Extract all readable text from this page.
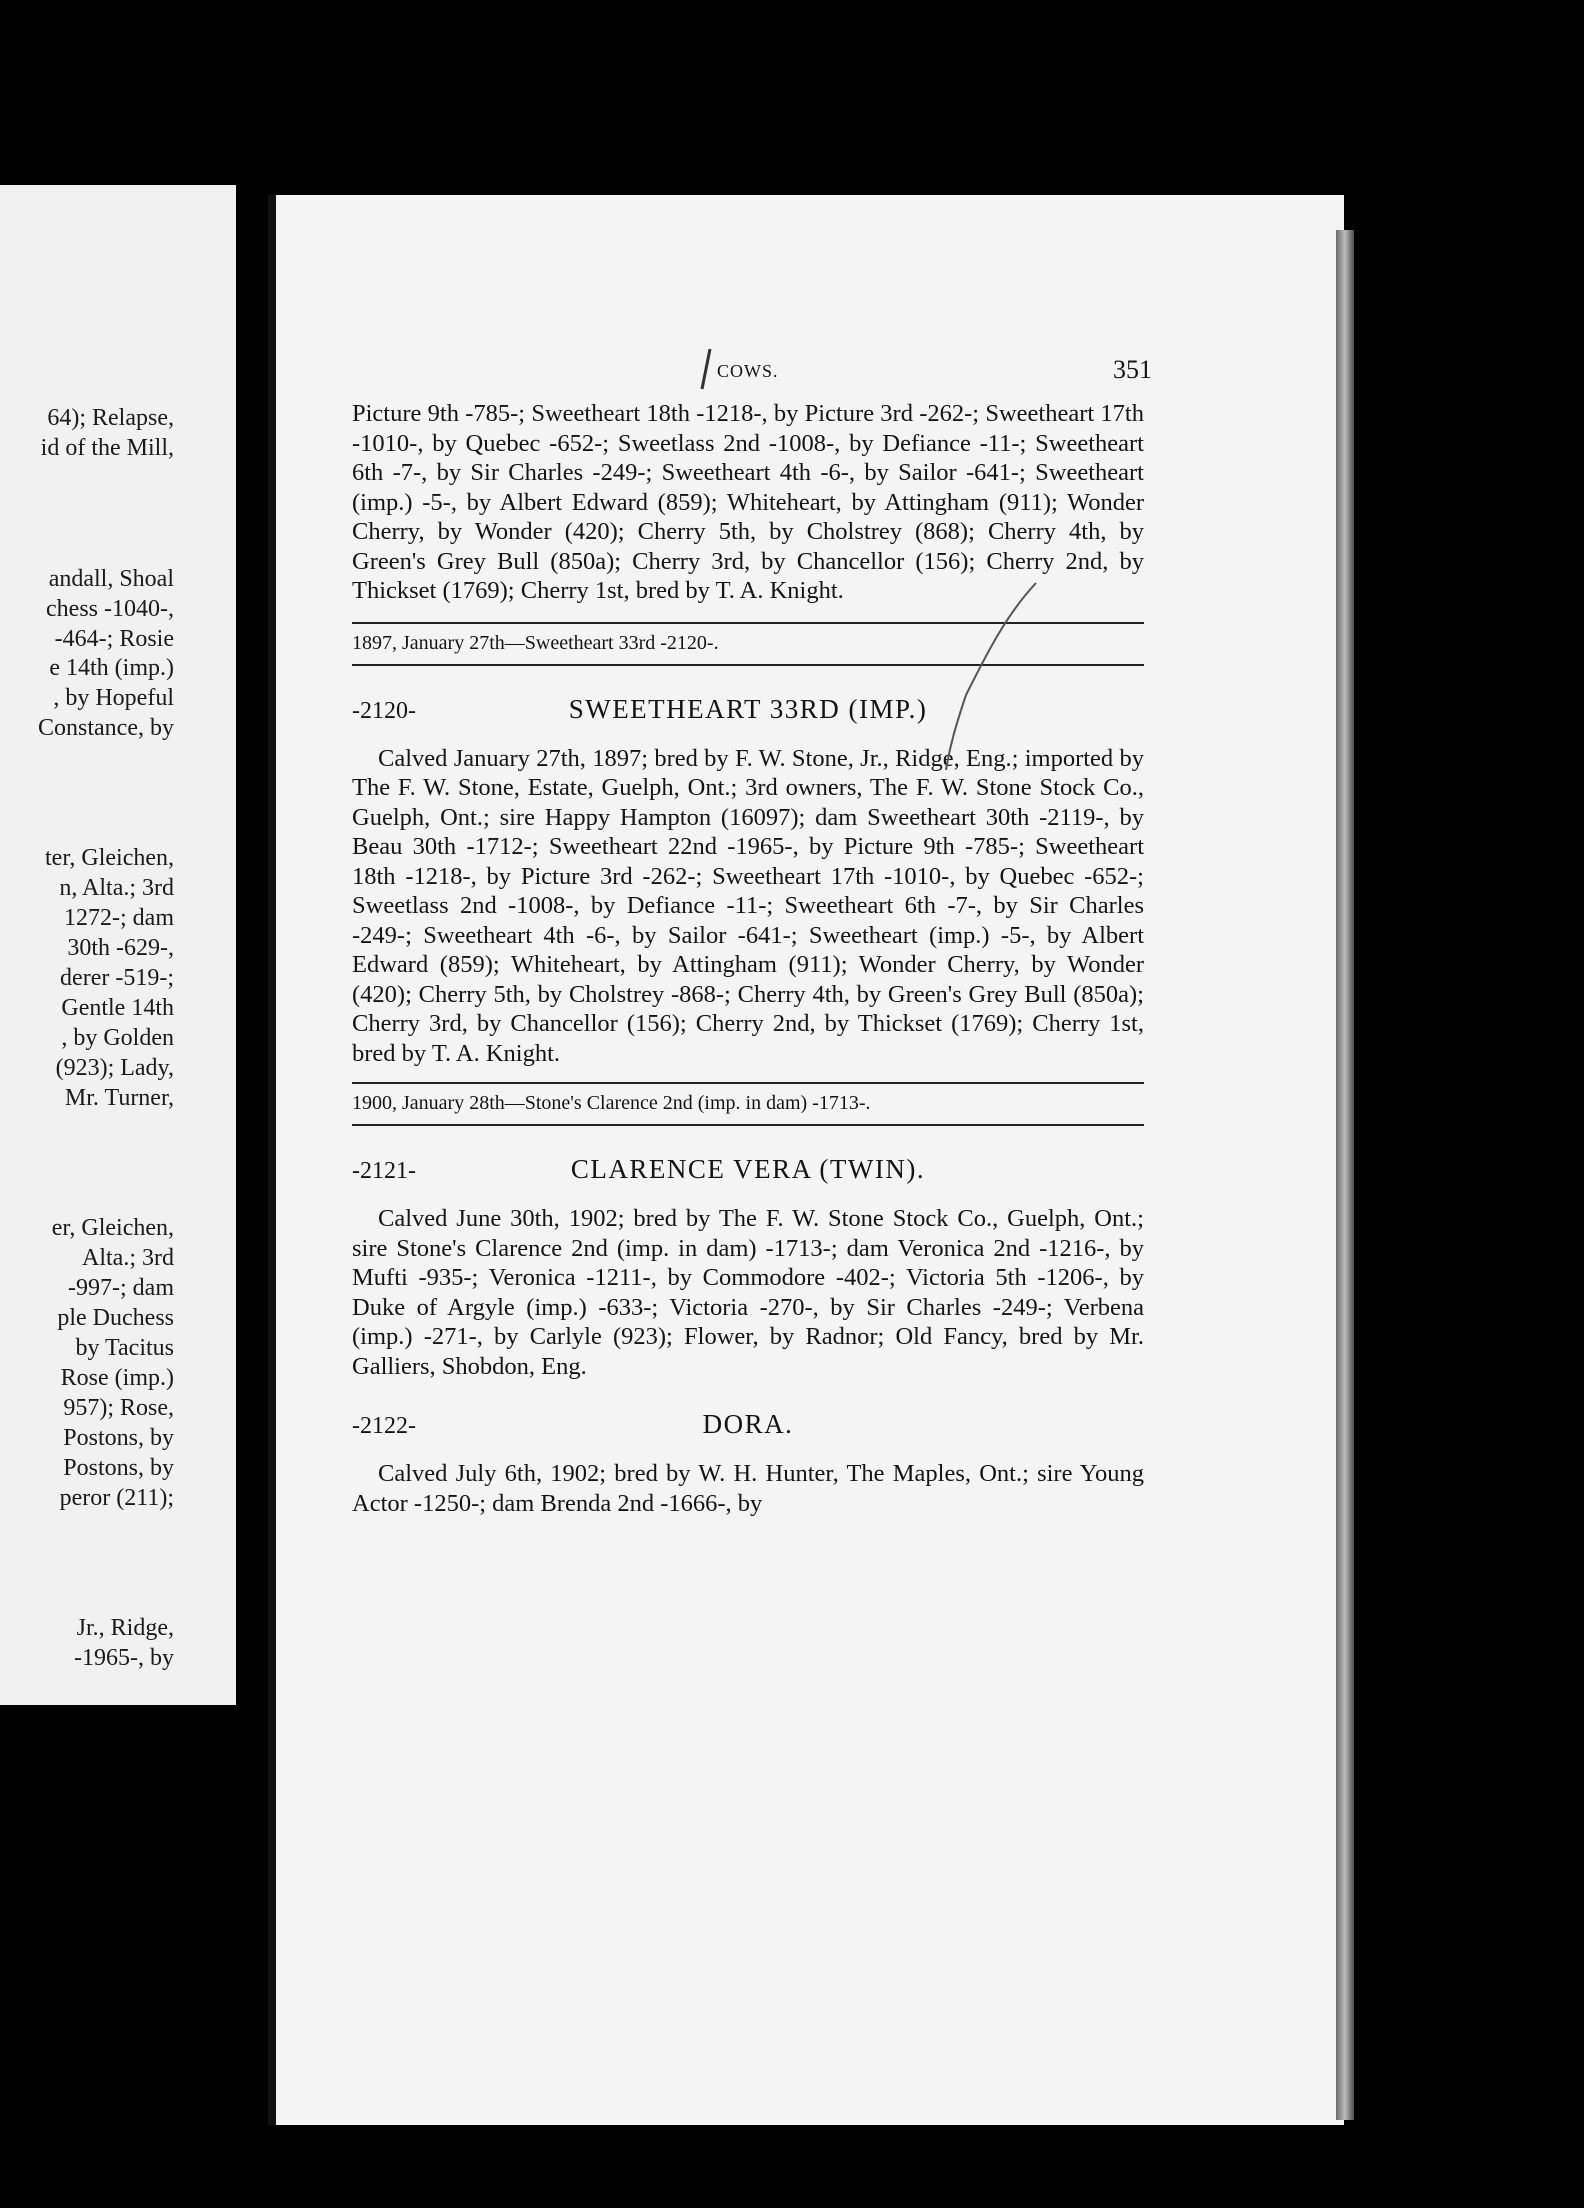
64); Relapse,
id of the Mill,
andall, Shoal
chess -1040-,
-464-; Rosie
e 14th (imp.)
, by Hopeful
Constance, by
ter, Gleichen,
n, Alta.; 3rd
1272-; dam
30th -629-,
derer -519-;
Gentle 14th
, by Golden
(923); Lady,
Mr. Turner,
er, Gleichen,
Alta.; 3rd
-997-; dam
ple Duchess
by Tacitus
Rose (imp.)
957); Rose,
Postons, by
Postons, by
peror (211);
Jr., Ridge,
-1965-, by
COWS.	351

Picture 9th -785-; Sweetheart 18th -1218-, by Picture 3rd -262-; Sweetheart 17th -1010-, by Quebec -652-; Sweetlass 2nd -1008-, by Defiance -11-; Sweetheart 6th -7-, by Sir Charles -249-; Sweetheart 4th -6-, by Sailor -641-; Sweetheart (imp.) -5-, by Albert Edward (859); Whiteheart, by Attingham (911); Wonder Cherry, by Wonder (420); Cherry 5th, by Cholstrey (868); Cherry 4th, by Green's Grey Bull (850a); Cherry 3rd, by Chancellor (156); Cherry 2nd, by Thickset (1769); Cherry 1st, bred by T. A. Knight.

1897, January 27th—Sweetheart 33rd -2120-.

-2120-	SWEETHEART 33RD (IMP.)

Calved January 27th, 1897; bred by F. W. Stone, Jr., Ridge, Eng.; imported by The F. W. Stone, Estate, Guelph, Ont.; 3rd owners, The F. W. Stone Stock Co., Guelph, Ont.; sire Happy Hampton (16097); dam Sweetheart 30th -2119-, by Beau 30th -1712-; Sweetheart 22nd -1965-, by Picture 9th -785-; Sweetheart 18th -1218-, by Picture 3rd -262-; Sweetheart 17th -1010-, by Quebec -652-; Sweetlass 2nd -1008-, by Defiance -11-; Sweetheart 6th -7-, by Sir Charles -249-; Sweetheart 4th -6-, by Sailor -641-; Sweetheart (imp.) -5-, by Albert Edward (859); Whiteheart, by Attingham (911); Wonder Cherry, by Wonder (420); Cherry 5th, by Cholstrey -868-; Cherry 4th, by Green's Grey Bull (850a); Cherry 3rd, by Chancellor (156); Cherry 2nd, by Thickset (1769); Cherry 1st, bred by T. A. Knight.

1900, January 28th—Stone's Clarence 2nd (imp. in dam) -1713-.

-2121-	CLARENCE VERA (TWIN).

Calved June 30th, 1902; bred by The F. W. Stone Stock Co., Guelph, Ont.; sire Stone's Clarence 2nd (imp. in dam) -1713-; dam Veronica 2nd -1216-, by Mufti -935-; Veronica -1211-, by Commodore -402-; Victoria 5th -1206-, by Duke of Argyle (imp.) -633-; Victoria -270-, by Sir Charles -249-; Verbena (imp.) -271-, by Carlyle (923); Flower, by Radnor; Old Fancy, bred by Mr. Galliers, Shobdon, Eng.

-2122-	DORA.

Calved July 6th, 1902; bred by W. H. Hunter, The Maples, Ont.; sire Young Actor -1250-; dam Brenda 2nd -1666-, by
